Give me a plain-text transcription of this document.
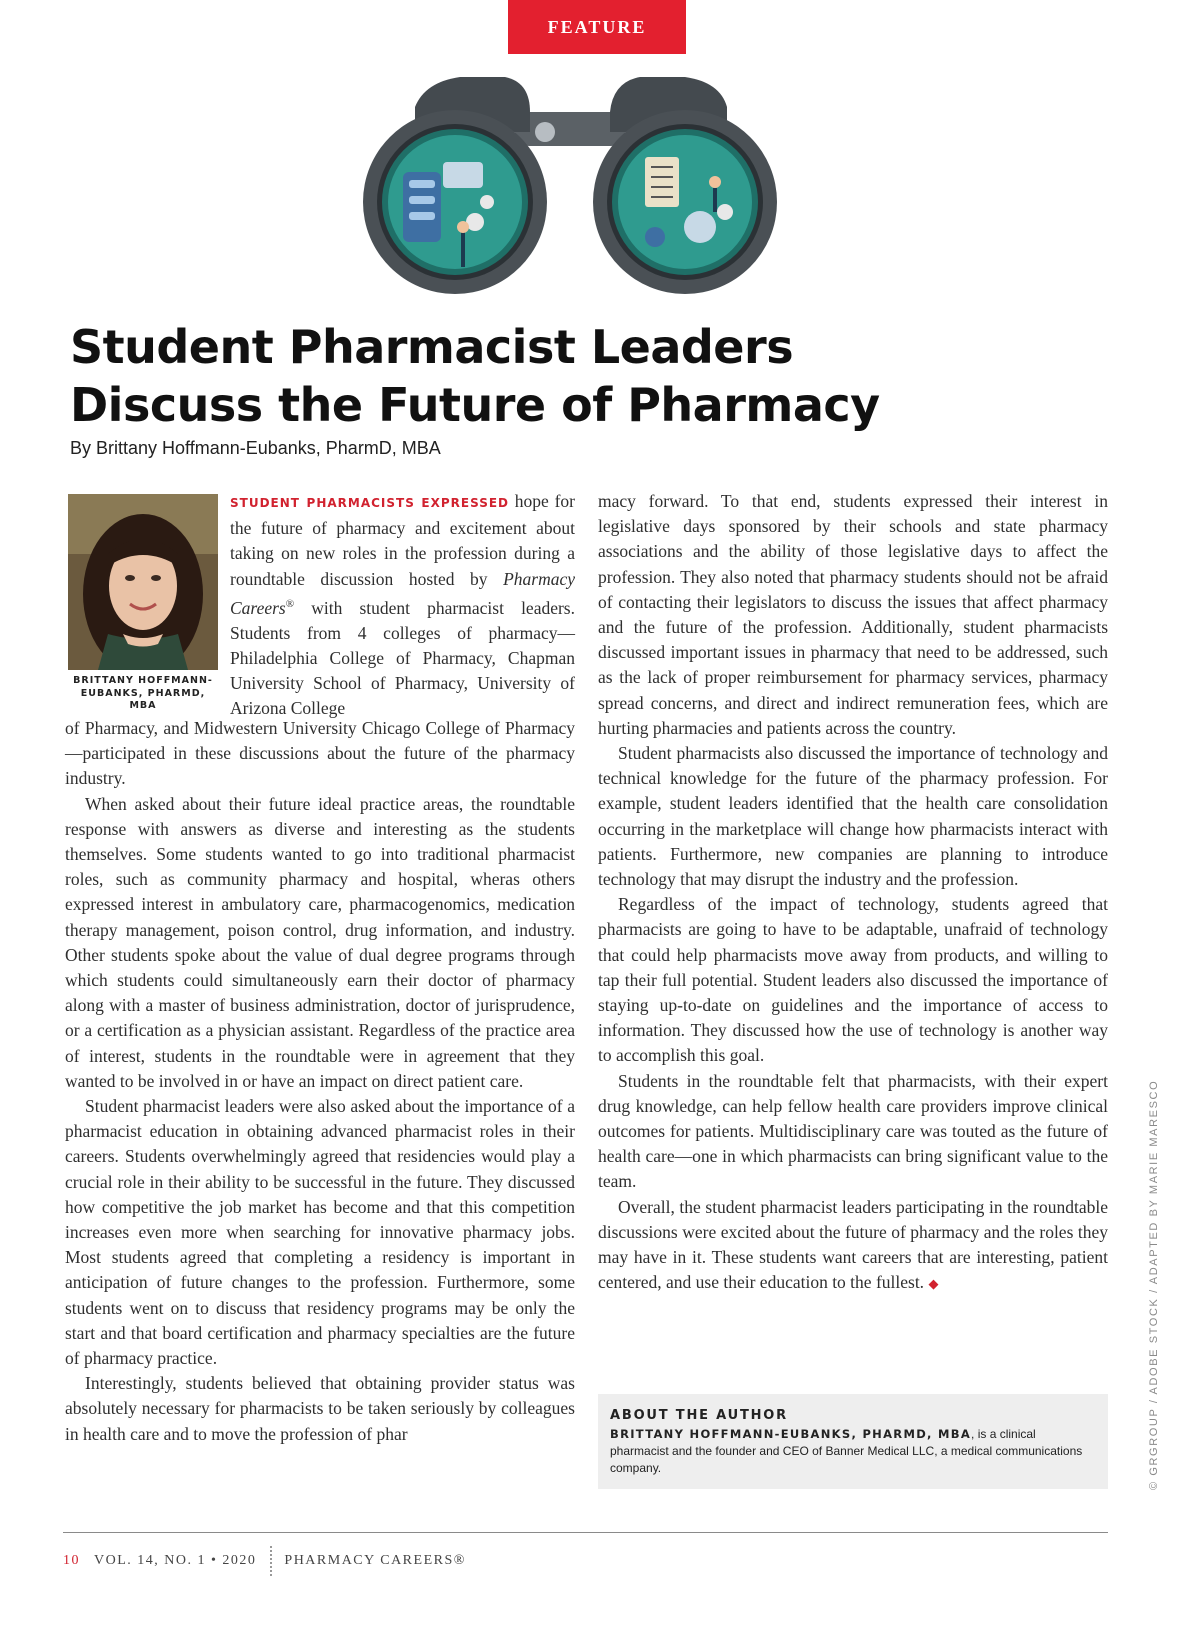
FEATURE
Student Pharmacist Leaders
Discuss the Future of Pharmacy
By Brittany Hoffmann-Eubanks, PharmD, MBA
BRITTANY HOFFMANN-
EUBANKS, PHARMD,
MBA

STUDENT PHARMACISTS EXPRESSED hope for the future of pharmacy and excitement about taking on new roles in the profession during a roundtable discussion hosted by Pharmacy Careers® with student pharmacist leaders. Students from 4 colleges of pharmacy—Philadelphia College of Pharmacy, Chapman University School of Pharmacy, University of Arizona College

of Pharmacy, and Midwestern University Chicago College of Pharmacy—participated in these discussions about the future of the pharmacy industry.

When asked about their future ideal practice areas, the roundtable response with answers as diverse and interesting as the students themselves. Some students wanted to go into traditional pharmacist roles, such as community pharmacy and hospital, wheras others expressed interest in ambulatory care, pharmacogenomics, medication therapy management, poison control, drug information, and industry. Other students spoke about the value of dual degree programs through which students could simultaneously earn their doctor of pharmacy along with a master of business administration, doctor of jurisprudence, or a certification as a physician assistant. Regardless of the practice area of interest, students in the roundtable were in agreement that they wanted to be involved in or have an impact on direct patient care.

Student pharmacist leaders were also asked about the importance of a pharmacist education in obtaining advanced pharmacist roles in their careers. Students overwhelmingly agreed that residencies would play a crucial role in their ability to be successful in the future. They discussed how competitive the job market has become and that this competition increases even more when searching for innovative pharmacy jobs. Most students agreed that completing a residency is important in anticipation of future changes to the profession. Furthermore, some students went on to discuss that residency programs may be only the start and that board certification and pharmacy specialties are the future of pharmacy practice.

Interestingly, students believed that obtaining provider status was absolutely necessary for pharmacists to be taken seriously by colleagues in health care and to move the profession of phar

macy forward. To that end, students expressed their interest in legislative days sponsored by their schools and state pharmacy associations and the ability of those legislative days to affect the profession. They also noted that pharmacy students should not be afraid of contacting their legislators to discuss the issues that affect pharmacy and the future of the profession. Additionally, student pharmacists discussed important issues in pharmacy that need to be addressed, such as the lack of proper reimbursement for pharmacy services, pharmacy spread concerns, and direct and indirect remuneration fees, which are hurting pharmacies and patients across the country.

Student pharmacists also discussed the importance of technology and technical knowledge for the future of the pharmacy profession. For example, student leaders identified that the health care consolidation occurring in the marketplace will change how pharmacists interact with patients. Furthermore, new companies are planning to introduce technology that may disrupt the industry and the profession.

Regardless of the impact of technology, students agreed that pharmacists are going to have to be adaptable, unafraid of technology that could help pharmacists move away from products, and willing to tap their full potential. Student leaders also discussed the importance of staying up-to-date on guidelines and the importance of access to information. They discussed how the use of technology is another way to accomplish this goal.

Students in the roundtable felt that pharmacists, with their expert drug knowledge, can help fellow health care providers improve clinical outcomes for patients. Multidisciplinary care was touted as the future of health care—one in which pharmacists can bring significant value to the team.

Overall, the student pharmacist leaders participating in the roundtable discussions were excited about the future of pharmacy and the roles they may have in it. These students want careers that are interesting, patient centered, and use their education to the fullest. ◆

ABOUT THE AUTHOR
BRITTANY HOFFMANN-EUBANKS, PHARMD, MBA, is a clinical pharmacist and the founder and CEO of Banner Medical LLC, a medical communications company.	© GRGROUP / ADOBE STOCK / ADAPTED BY MARIE MARESCO
10 VOL. 14, NO. 1 • 2020 PHARMACY CAREERS®
